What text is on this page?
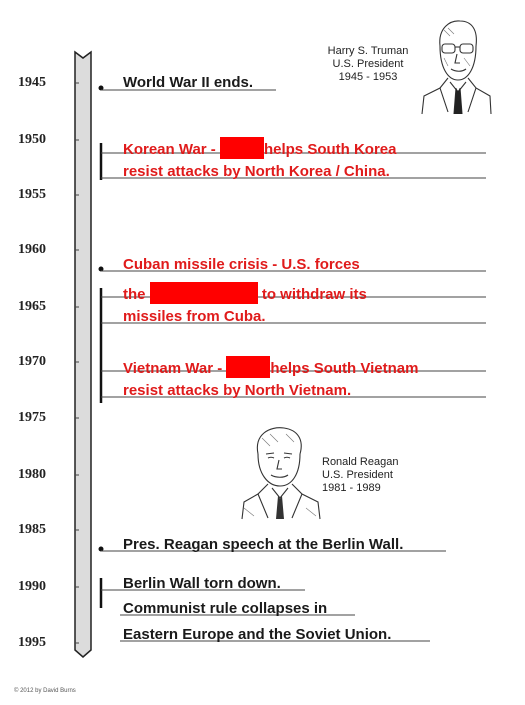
1945
1950
1955
1960
1965
1970
1975
1980
1985
1990
1995
World War II ends.
Korean War -	helps South Korea
resist attacks by North Korea / China.
Cuban missile crisis - U.S. forces
the	to withdraw its
missiles from Cuba.
Vietnam War -	helps South Vietnam
resist attacks by North Vietnam.
Pres. Reagan speech at the Berlin Wall.
Berlin Wall torn down.
Communist rule collapses in
Eastern Europe and the Soviet Union.
Harry S. Truman
U.S. President
1945 - 1953
Ronald Reagan
U.S. President
1981 - 1989
© 2012 by David Burns
